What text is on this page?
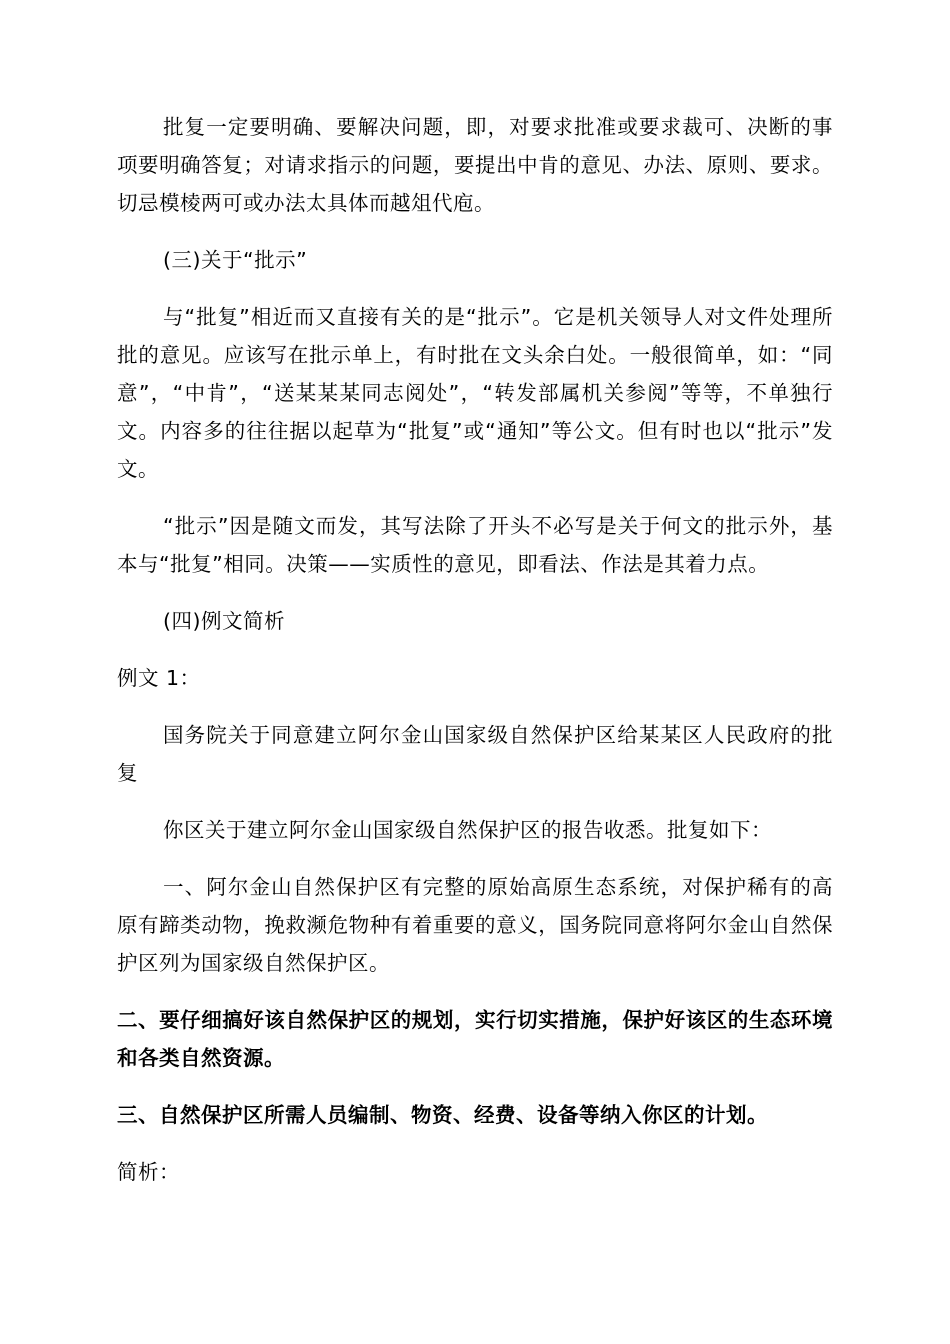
批复一定要明确、要解决问题，即，对要求批准或要求裁可、决断的事项要明确答复；对请求指示的问题，要提出中肯的意见、办法、原则、要求。切忌模棱两可或办法太具体而越俎代庖。

(三)关于“批示”

与“批复”相近而又直接有关的是“批示”。它是机关领导人对文件处理所批的意见。应该写在批示单上，有时批在文头余白处。一般很简单，如：“同意”，“中肯”，“送某某某同志阅处”，“转发部属机关参阅”等等，不单独行文。内容多的往往据以起草为“批复”或“通知”等公文。但有时也以“批示”发文。

“批示”因是随文而发，其写法除了开头不必写是关于何文的批示外，基本与“批复”相同。决策——实质性的意见，即看法、作法是其着力点。

(四)例文简析

例文 1：

国务院关于同意建立阿尔金山国家级自然保护区给某某区人民政府的批复

你区关于建立阿尔金山国家级自然保护区的报告收悉。批复如下：

一、阿尔金山自然保护区有完整的原始高原生态系统，对保护稀有的高原有蹄类动物，挽救濒危物种有着重要的意义，国务院同意将阿尔金山自然保护区列为国家级自然保护区。

二、要仔细搞好该自然保护区的规划，实行切实措施，保护好该区的生态环境和各类自然资源。

三、自然保护区所需人员编制、物资、经费、设备等纳入你区的计划。

简析：
